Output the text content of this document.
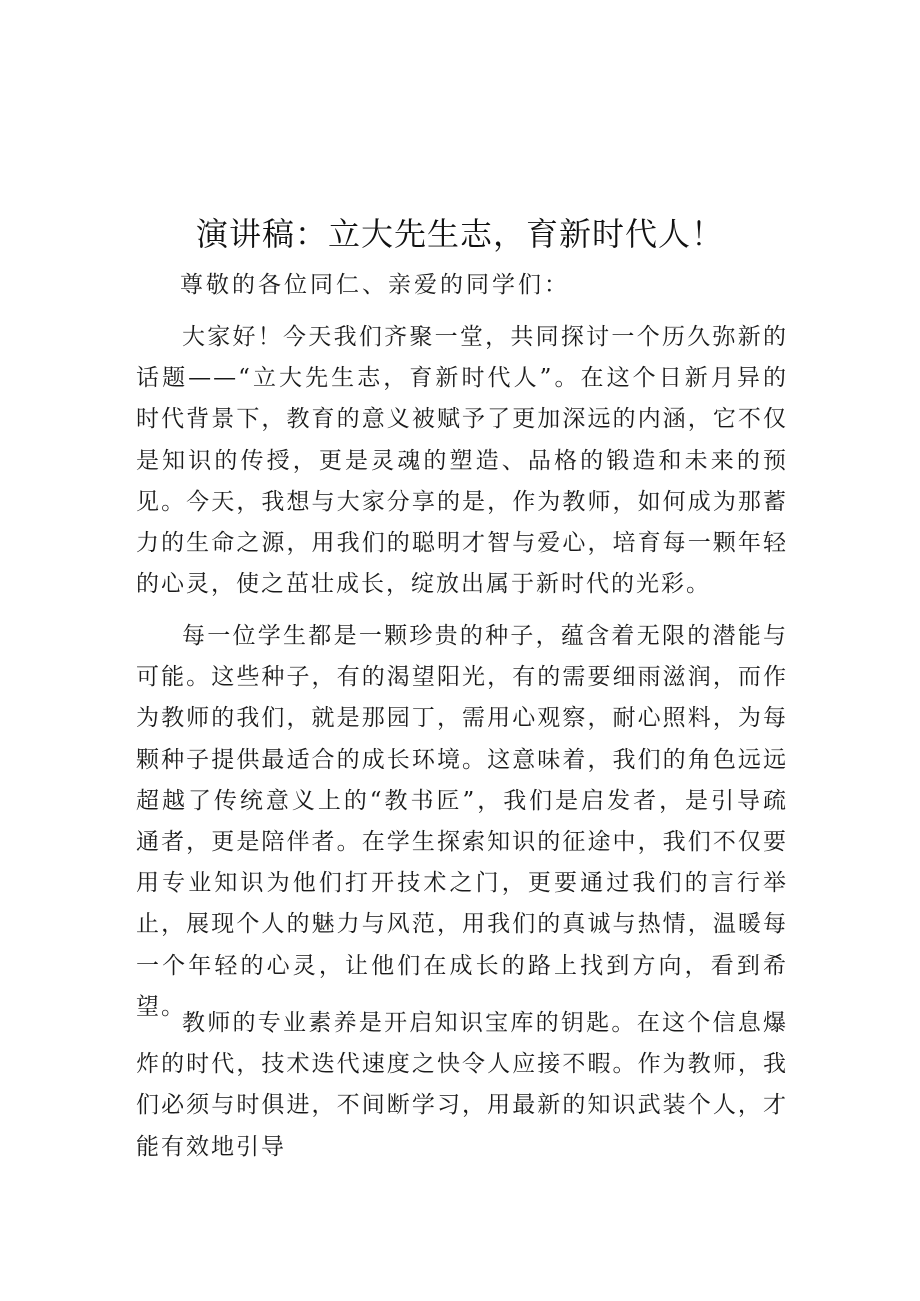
演讲稿：立大先生志，育新时代人！

尊敬的各位同仁、亲爱的同学们：

大家好！今天我们齐聚一堂，共同探讨一个历久弥新的话题——“立大先生志，育新时代人”。在这个日新月异的时代背景下，教育的意义被赋予了更加深远的内涵，它不仅是知识的传授，更是灵魂的塑造、品格的锻造和未来的预见。今天，我想与大家分享的是，作为教师，如何成为那蓄力的生命之源，用我们的聪明才智与爱心，培育每一颗年轻的心灵，使之茁壮成长，绽放出属于新时代的光彩。

每一位学生都是一颗珍贵的种子，蕴含着无限的潜能与可能。这些种子，有的渴望阳光，有的需要细雨滋润，而作为教师的我们，就是那园丁，需用心观察，耐心照料，为每颗种子提供最适合的成长环境。这意味着，我们的角色远远超越了传统意义上的“教书匠”，我们是启发者，是引导疏通者，更是陪伴者。在学生探索知识的征途中，我们不仅要用专业知识为他们打开技术之门，更要通过我们的言行举止，展现个人的魅力与风范，用我们的真诚与热情，温暖每一个年轻的心灵，让他们在成长的路上找到方向，看到希望。

教师的专业素养是开启知识宝库的钥匙。在这个信息爆炸的时代，技术迭代速度之快令人应接不暇。作为教师，我们必须与时俱进，不间断学习，用最新的知识武装个人，才能有效地引导
